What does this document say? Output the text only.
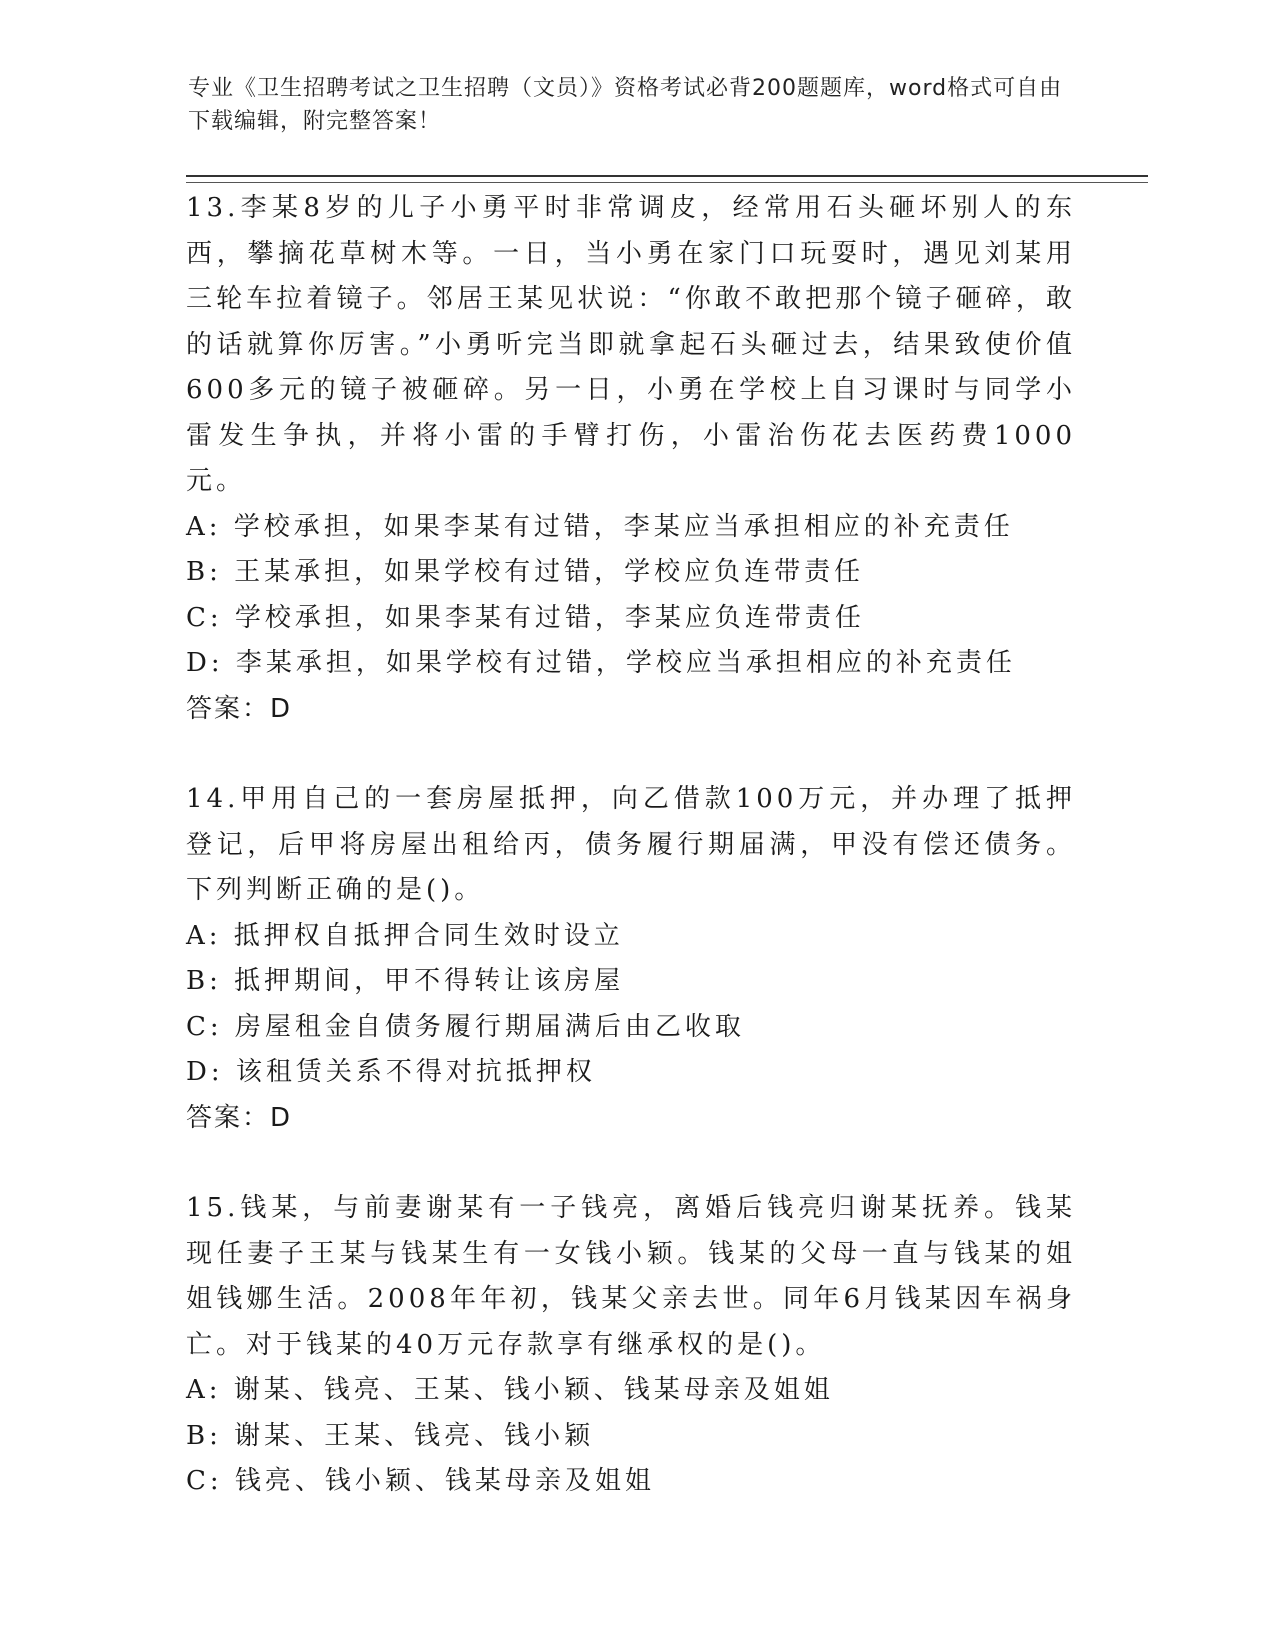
专业《卫生招聘考试之卫生招聘（文员）》资格考试必背200题题库，word格式可自由下载编辑，附完整答案！

13.李某8岁的儿子小勇平时非常调皮，经常用石头砸坏别人的东西，攀摘花草树木等。一日，当小勇在家门口玩耍时，遇见刘某用三轮车拉着镜子。邻居王某见状说：“你敢不敢把那个镜子砸碎，敢的话就算你厉害。”小勇听完当即就拿起石头砸过去，结果致使价值600多元的镜子被砸碎。另一日，小勇在学校上自习课时与同学小雷发生争执，并将小雷的手臂打伤，小雷治伤花去医药费1000元。

A: 学校承担，如果李某有过错，李某应当承担相应的补充责任

B: 王某承担，如果学校有过错，学校应负连带责任

C: 学校承担，如果李某有过错，李某应负连带责任

D: 李某承担，如果学校有过错，学校应当承担相应的补充责任

答案：D

14.甲用自己的一套房屋抵押，向乙借款100万元，并办理了抵押登记，后甲将房屋出租给丙，债务履行期届满，甲没有偿还债务。下列判断正确的是()。

A: 抵押权自抵押合同生效时设立

B: 抵押期间，甲不得转让该房屋

C: 房屋租金自债务履行期届满后由乙收取

D: 该租赁关系不得对抗抵押权

答案：D

15.钱某，与前妻谢某有一子钱亮，离婚后钱亮归谢某抚养。钱某现任妻子王某与钱某生有一女钱小颖。钱某的父母一直与钱某的姐姐钱娜生活。2008年年初，钱某父亲去世。同年6月钱某因车祸身亡。对于钱某的40万元存款享有继承权的是()。

A: 谢某、钱亮、王某、钱小颖、钱某母亲及姐姐

B: 谢某、王某、钱亮、钱小颖

C: 钱亮、钱小颖、钱某母亲及姐姐
